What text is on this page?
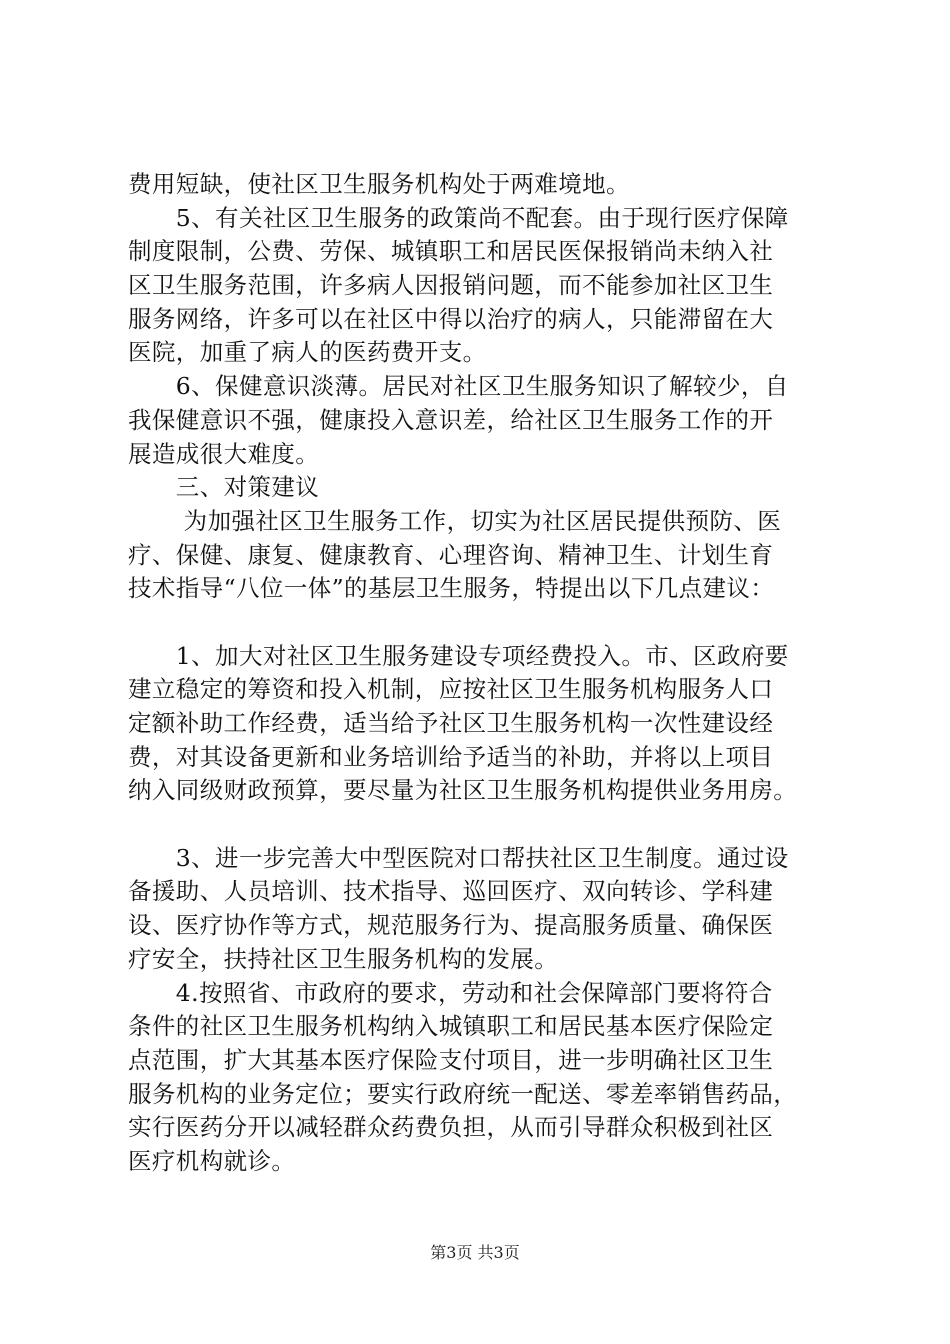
费用短缺，使社区卫生服务机构处于两难境地。
　　5、有关社区卫生服务的政策尚不配套。由于现行医疗保障
制度限制，公费、劳保、城镇职工和居民医保报销尚未纳入社
区卫生服务范围，许多病人因报销问题，而不能参加社区卫生
服务网络，许多可以在社区中得以治疗的病人，只能滞留在大
医院，加重了病人的医药费开支。
　　6、保健意识淡薄。居民对社区卫生服务知识了解较少，自
我保健意识不强，健康投入意识差，给社区卫生服务工作的开
展造成很大难度。
　　三、对策建议
　　 为加强社区卫生服务工作，切实为社区居民提供预防、医
疗、保健、康复、健康教育、心理咨询、精神卫生、计划生育
技术指导“八位一体”的基层卫生服务，特提出以下几点建议：
　　1、加大对社区卫生服务建设专项经费投入。市、区政府要
建立稳定的筹资和投入机制，应按社区卫生服务机构服务人口
定额补助工作经费，适当给予社区卫生服务机构一次性建设经
费，对其设备更新和业务培训给予适当的补助，并将以上项目
纳入同级财政预算，要尽量为社区卫生服务机构提供业务用房。
　　3、进一步完善大中型医院对口帮扶社区卫生制度。通过设
备援助、人员培训、技术指导、巡回医疗、双向转诊、学科建
设、医疗协作等方式，规范服务行为、提高服务质量、确保医
疗安全，扶持社区卫生服务机构的发展。
　　4.按照省、市政府的要求，劳动和社会保障部门要将符合
条件的社区卫生服务机构纳入城镇职工和居民基本医疗保险定
点范围，扩大其基本医疗保险支付项目，进一步明确社区卫生
服务机构的业务定位；要实行政府统一配送、零差率销售药品，
实行医药分开以减轻群众药费负担，从而引导群众积极到社区
医疗机构就诊。
第3页 共3页
